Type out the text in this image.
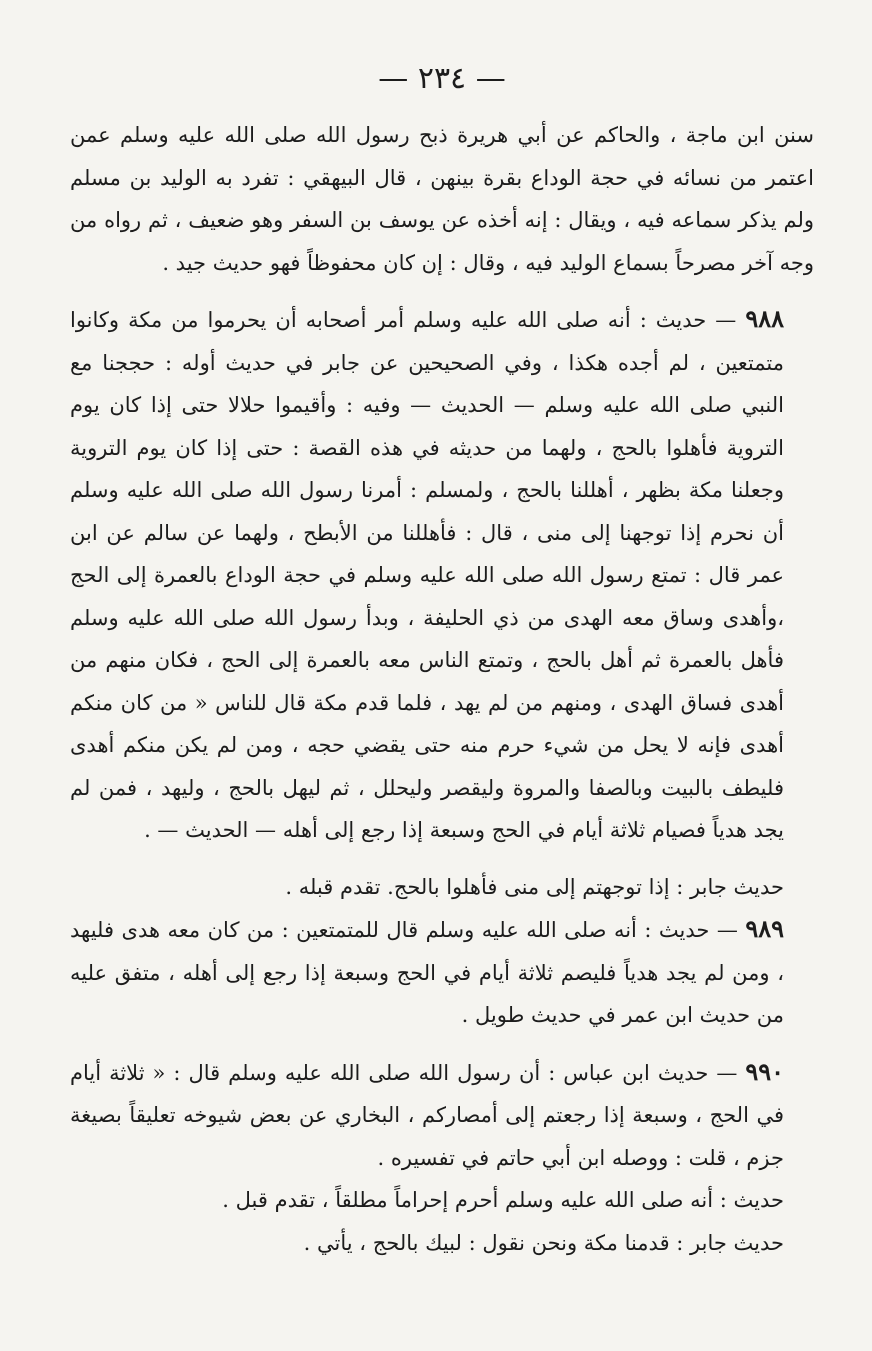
— ٢٣٤ —

سنن ابن ماجة ، والحاكم عن أبي هريرة ذبح رسول الله صلى الله عليه وسلم عمن اعتمر من نسائه في حجة الوداع بقرة بينهن ، قال البيهقي : تفرد به الوليد بن مسلم ولم يذكر سماعه فيه ، ويقال : إنه أخذه عن يوسف بن السفر وهو ضعيف ، ثم رواه من وجه آخر مصرحاً بسماع الوليد فيه ، وقال : إن كان محفوظاً فهو حديث جيد .

٩٨٨ — حديث : أنه صلى الله عليه وسلم أمر أصحابه أن يحرموا من مكة وكانوا متمتعين ، لم أجده هكذا ، وفي الصحيحين عن جابر في حديث أوله : حججنا مع النبي صلى الله عليه وسلم — الحديث — وفيه : وأقيموا حلالا حتى إذا كان يوم التروية فأهلوا بالحج ، ولهما من حديثه في هذه القصة : حتى إذا كان يوم التروية وجعلنا مكة بظهر ، أهللنا بالحج ، ولمسلم : أمرنا رسول الله صلى الله عليه وسلم أن نحرم إذا توجهنا إلى منى ، قال : فأهللنا من الأبطح ، ولهما عن سالم عن ابن عمر قال : تمتع رسول الله صلى الله عليه وسلم في حجة الوداع بالعمرة إلى الحج ،وأهدى وساق معه الهدى من ذي الحليفة ، وبدأ رسول الله صلى الله عليه وسلم فأهل بالعمرة ثم أهل بالحج ، وتمتع الناس معه بالعمرة إلى الحج ، فكان منهم من أهدى فساق الهدى ، ومنهم من لم يهد ، فلما قدم مكة قال للناس « من كان منكم أهدى فإنه لا يحل من شيء حرم منه حتى يقضي حجه ، ومن لم يكن منكم أهدى فليطف بالبيت وبالصفا والمروة وليقصر وليحلل ، ثم ليهل بالحج ، وليهد ، فمن لم يجد هدياً فصيام ثلاثة أيام في الحج وسبعة إذا رجع إلى أهله — الحديث — .

حديث جابر : إذا توجهتم إلى منى فأهلوا بالحج. تقدم قبله .

٩٨٩ — حديث : أنه صلى الله عليه وسلم قال للمتمتعين : من كان معه هدى فليهد ، ومن لم يجد هدياً فليصم ثلاثة أيام في الحج وسبعة إذا رجع إلى أهله ، متفق عليه من حديث ابن عمر في حديث طويل .

٩٩٠ — حديث ابن عباس : أن رسول الله صلى الله عليه وسلم قال : « ثلاثة أيام في الحج ، وسبعة إذا رجعتم إلى أمصاركم ، البخاري عن بعض شيوخه تعليقاً بصيغة جزم ، قلت : ووصله ابن أبي حاتم في تفسيره .

حديث : أنه صلى الله عليه وسلم أحرم إحراماً مطلقاً ، تقدم قبل .

حديث جابر : قدمنا مكة ونحن نقول : لبيك بالحج ، يأتي .
